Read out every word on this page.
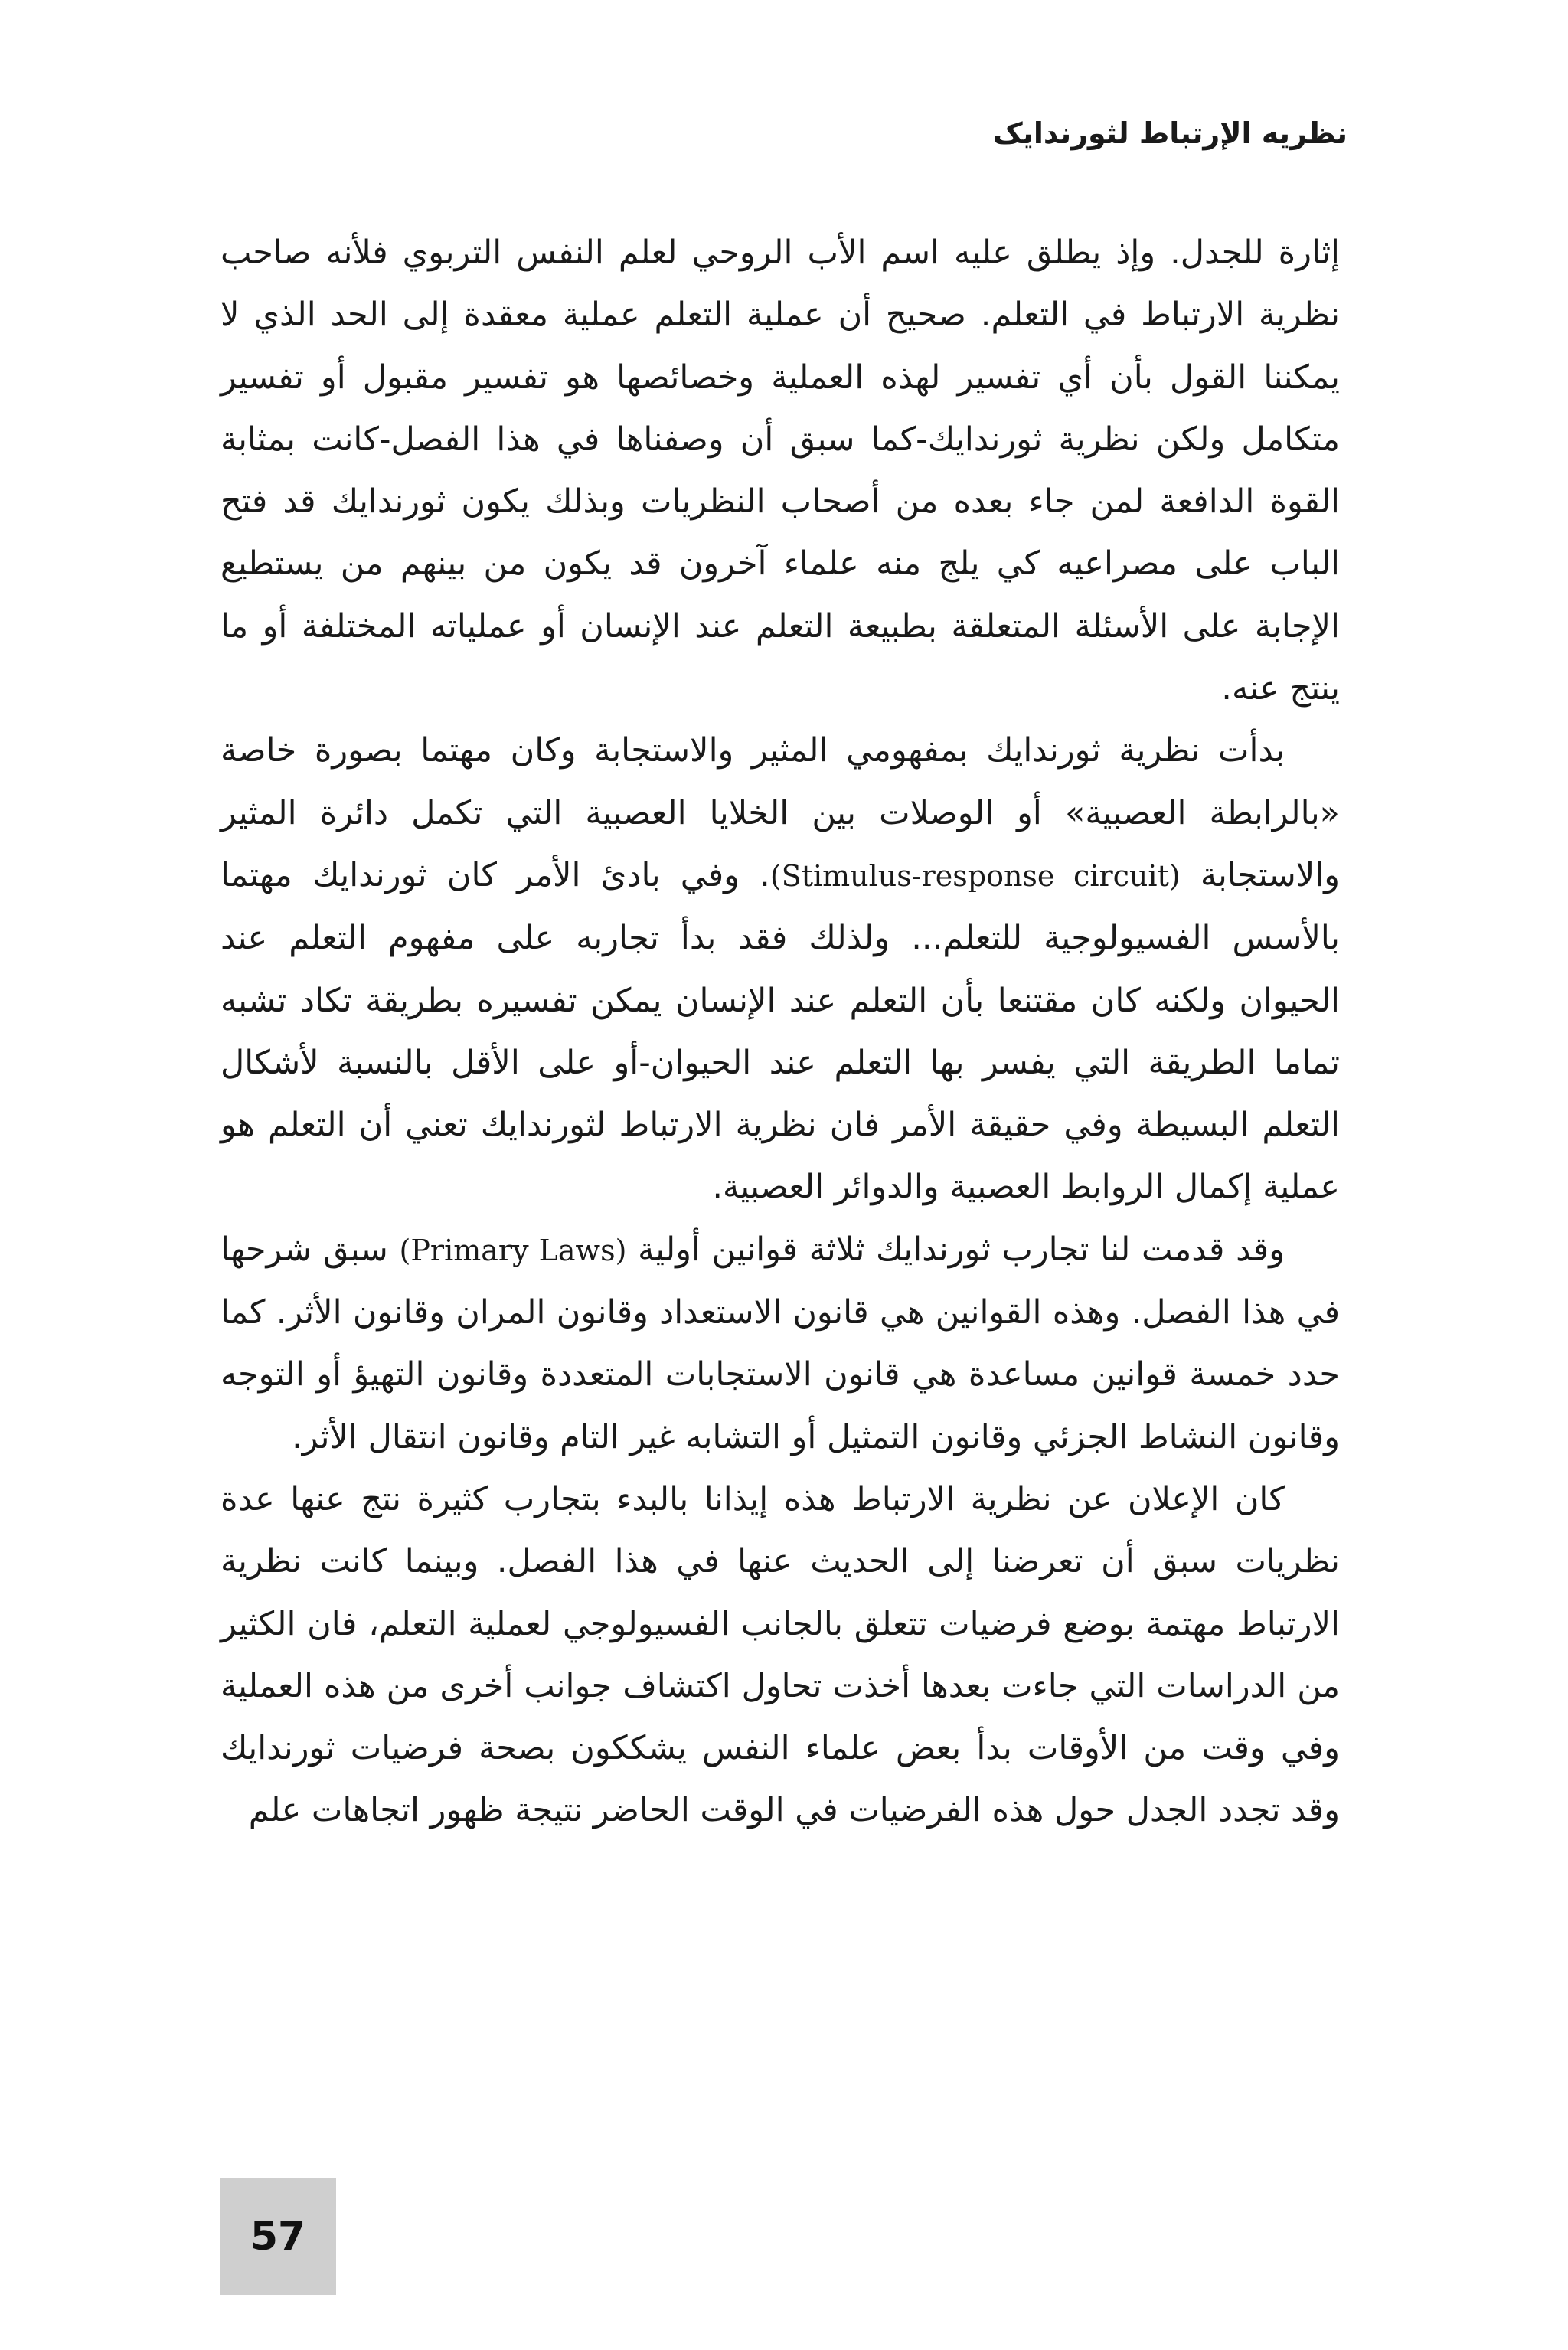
نظريه الإرتباط لثورندايک

إثارة للجدل. وإذ يطلق عليه اسم الأب الروحي لعلم النفس التربوي فلأنه صاحب نظرية الارتباط في التعلم. صحيح أن عملية التعلم عملية معقدة إلى الحد الذي لا يمكننا القول بأن أي تفسير لهذه العملية وخصائصها هو تفسير مقبول أو تفسير متكامل ولكن نظرية ثورندايك-كما سبق أن وصفناها في هذا الفصل-كانت بمثابة القوة الدافعة لمن جاء بعده من أصحاب النظريات وبذلك يكون ثورندايك قد فتح الباب على مصراعيه كي يلج منه علماء آخرون قد يكون من بينهم من يستطيع الإجابة على الأسئلة المتعلقة بطبيعة التعلم عند الإنسان أو عملياته المختلفة أو ما ينتج عنه.

بدأت نظرية ثورندايك بمفهومي المثير والاستجابة وكان مهتما بصورة خاصة «بالرابطة العصبية» أو الوصلات بين الخلايا العصبية التي تكمل دائرة المثير والاستجابة (Stimulus-response circuit). وفي بادئ الأمر كان ثورندايك مهتما بالأسس الفسيولوجية للتعلم... ولذلك فقد بدأ تجاربه على مفهوم التعلم عند الحيوان ولكنه كان مقتنعا بأن التعلم عند الإنسان يمكن تفسيره بطريقة تكاد تشبه تماما الطريقة التي يفسر بها التعلم عند الحيوان-أو على الأقل بالنسبة لأشكال التعلم البسيطة وفي حقيقة الأمر فان نظرية الارتباط لثورندايك تعني أن التعلم هو عملية إكمال الروابط العصبية والدوائر العصبية.

وقد قدمت لنا تجارب ثورندايك ثلاثة قوانين أولية (Primary Laws) سبق شرحها في هذا الفصل. وهذه القوانين هي قانون الاستعداد وقانون المران وقانون الأثر. كما حدد خمسة قوانين مساعدة هي قانون الاستجابات المتعددة وقانون التهيؤ أو التوجه وقانون النشاط الجزئي وقانون التمثيل أو التشابه غير التام وقانون انتقال الأثر.

كان الإعلان عن نظرية الارتباط هذه إيذانا بالبدء بتجارب كثيرة نتج عنها عدة نظريات سبق أن تعرضنا إلى الحديث عنها في هذا الفصل. وبينما كانت نظرية الارتباط مهتمة بوضع فرضيات تتعلق بالجانب الفسيولوجي لعملية التعلم، فان الكثير من الدراسات التي جاءت بعدها أخذت تحاول اكتشاف جوانب أخرى من هذه العملية وفي وقت من الأوقات بدأ بعض علماء النفس يشككون بصحة فرضيات ثورندايك وقد تجدد الجدل حول هذه الفرضيات في الوقت الحاضر نتيجة ظهور اتجاهات علم

57
